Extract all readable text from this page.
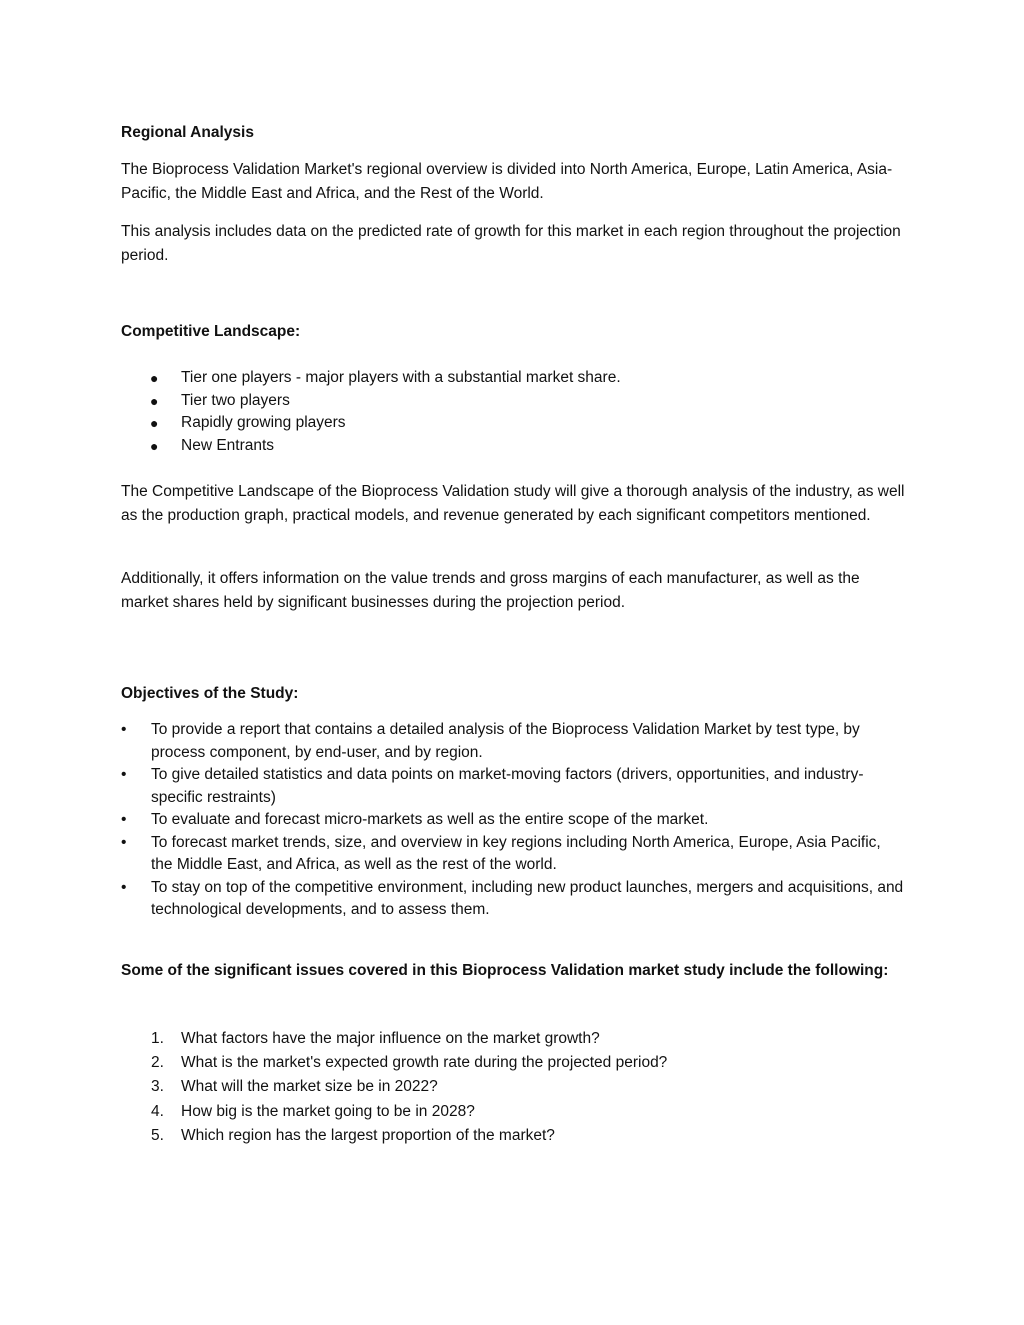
Regional Analysis

The Bioprocess Validation Market's regional overview is divided into North America, Europe, Latin America, Asia-Pacific, the Middle East and Africa, and the Rest of the World.

This analysis includes data on the predicted rate of growth for this market in each region throughout the projection period.

Competitive Landscape:

● Tier one players - major players with a substantial market share.
● Tier two players
● Rapidly growing players
● New Entrants

The Competitive Landscape of the Bioprocess Validation study will give a thorough analysis of the industry, as well as the production graph, practical models, and revenue generated by each significant competitors mentioned.

Additionally, it offers information on the value trends and gross margins of each manufacturer, as well as the market shares held by significant businesses during the projection period.

Objectives of the Study:

• To provide a report that contains a detailed analysis of the Bioprocess Validation Market by test type, by process component, by end-user, and by region.
• To give detailed statistics and data points on market-moving factors (drivers, opportunities, and industry-specific restraints)
• To evaluate and forecast micro-markets as well as the entire scope of the market.
• To forecast market trends, size, and overview in key regions including North America, Europe, Asia Pacific, the Middle East, and Africa, as well as the rest of the world.
• To stay on top of the competitive environment, including new product launches, mergers and acquisitions, and technological developments, and to assess them.

Some of the significant issues covered in this Bioprocess Validation market study include the following:

1. What factors have the major influence on the market growth?
2. What is the market's expected growth rate during the projected period?
3. What will the market size be in 2022?
4. How big is the market going to be in 2028?
5. Which region has the largest proportion of the market?
